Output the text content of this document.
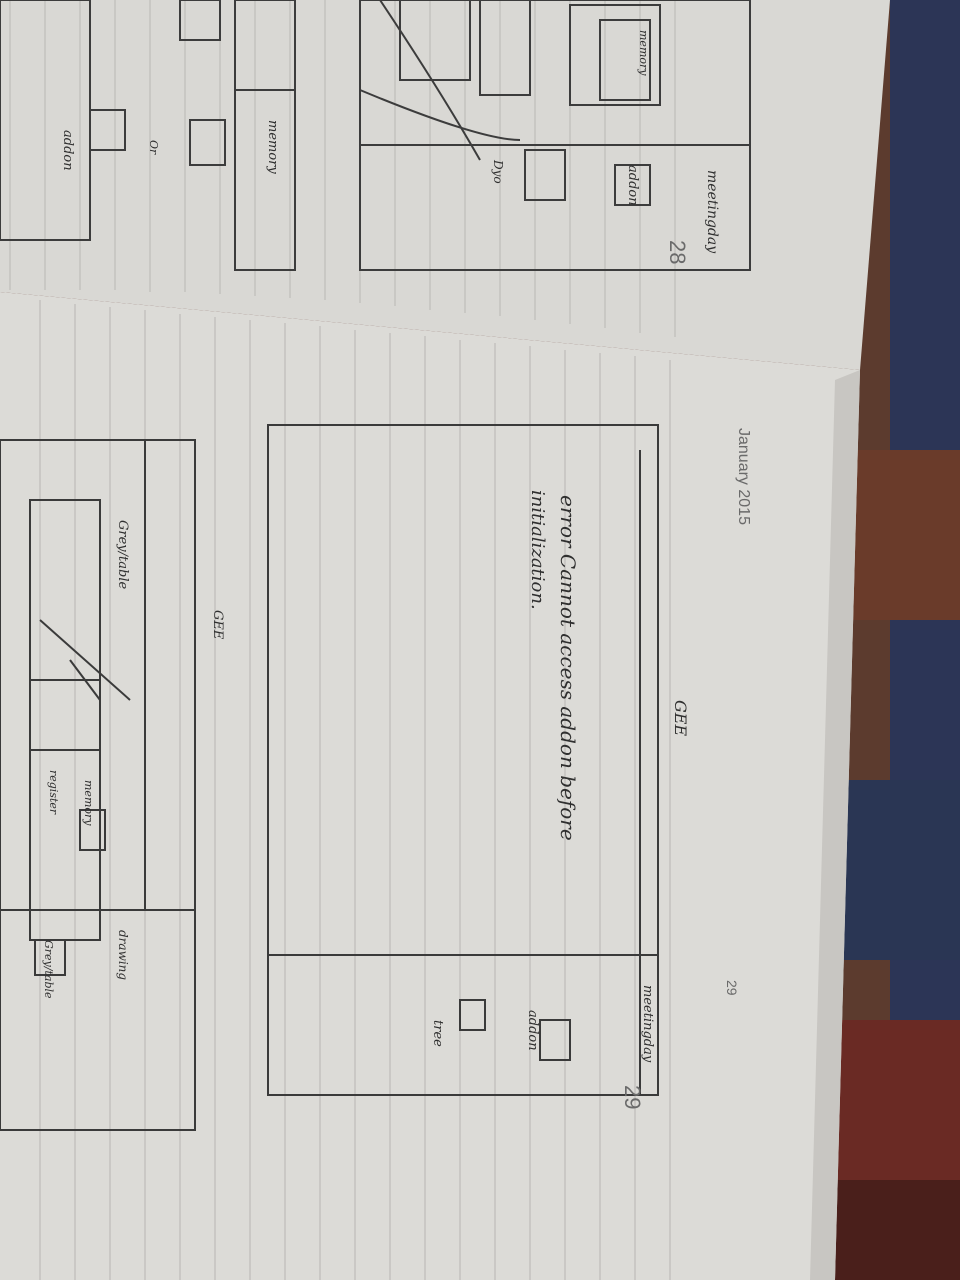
January 2015
29
29
28
error Cannot access addon before
initialization.
GEE
meetingday
meetingday
addon
tree
GEE
Grey/table
drawing
memory
register
Grey/table
addon
memory
Dyo
memory
addon	Or
